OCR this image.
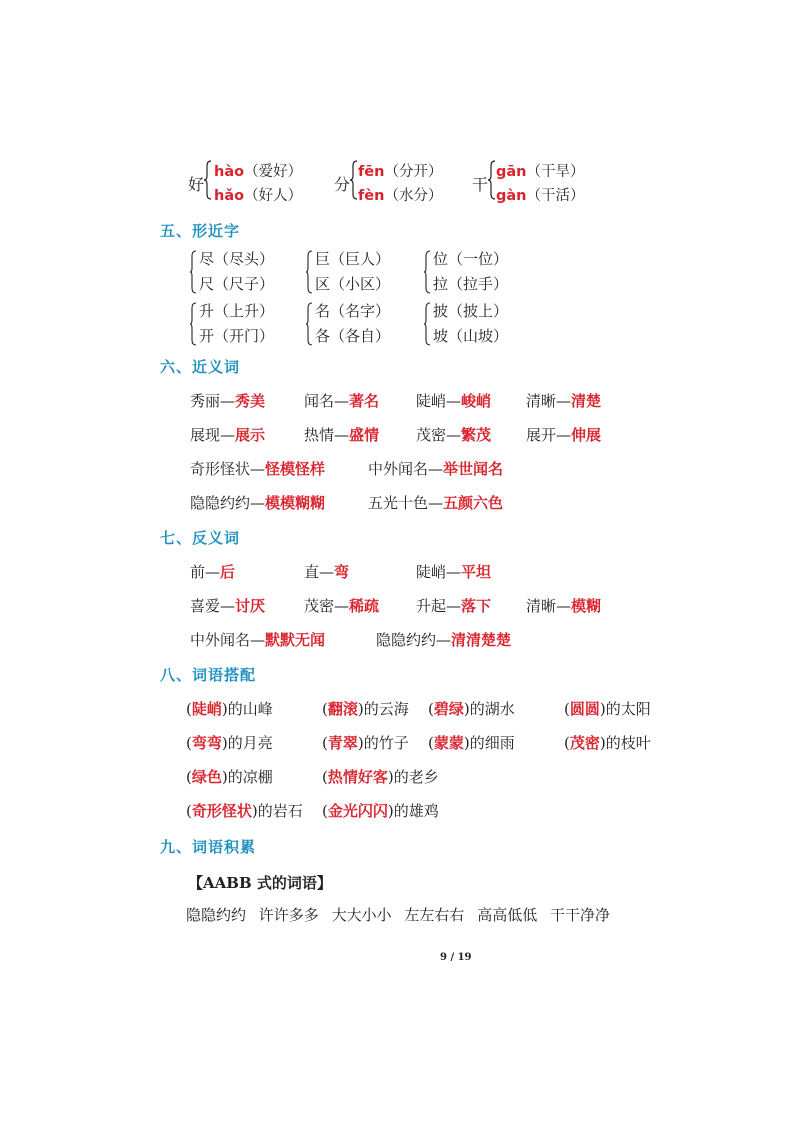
好
hào（爱好）
hǎo（好人）
分
fēn（分开）
fèn（水分）
干
gān（干旱）
gàn（干活）
五、形近字
尽（尽头）
尺（尺子）
巨（巨人）
区（小区）
位（一位）
拉（拉手）
升（上升）
开（开门）
名（名字）
各（各自）
披（披上）
坡（山坡）
六、近义词
秀丽—秀美	闻名—著名 陡峭—峻峭 清晰—清楚
展现—展示	热情—盛情 茂密—繁茂 展开—伸展
奇形怪状—怪模怪样	中外闻名—举世闻名
隐隐约约—模模糊糊	五光十色—五颜六色
七、反义词
前—后	直—弯	陡峭—平坦
喜爱—讨厌	茂密—稀疏 升起—落下 清晰—模糊
中外闻名—默默无闻	隐隐约约—清清楚楚
八、词语搭配
(陡峭)的山峰	(翻滚)的云海 (碧绿)的湖水	(圆圆)的太阳
(弯弯)的月亮	(青翠)的竹子 (蒙蒙)的细雨	(茂密)的枝叶
(绿色)的凉棚	(热情好客)的老乡
(奇形怪状)的岩石 (金光闪闪)的雄鸡
九、词语积累
【AABB 式的词语】
隐隐约约 许许多多 大大小小 左左右右 高高低低 干干净净
9 / 19
